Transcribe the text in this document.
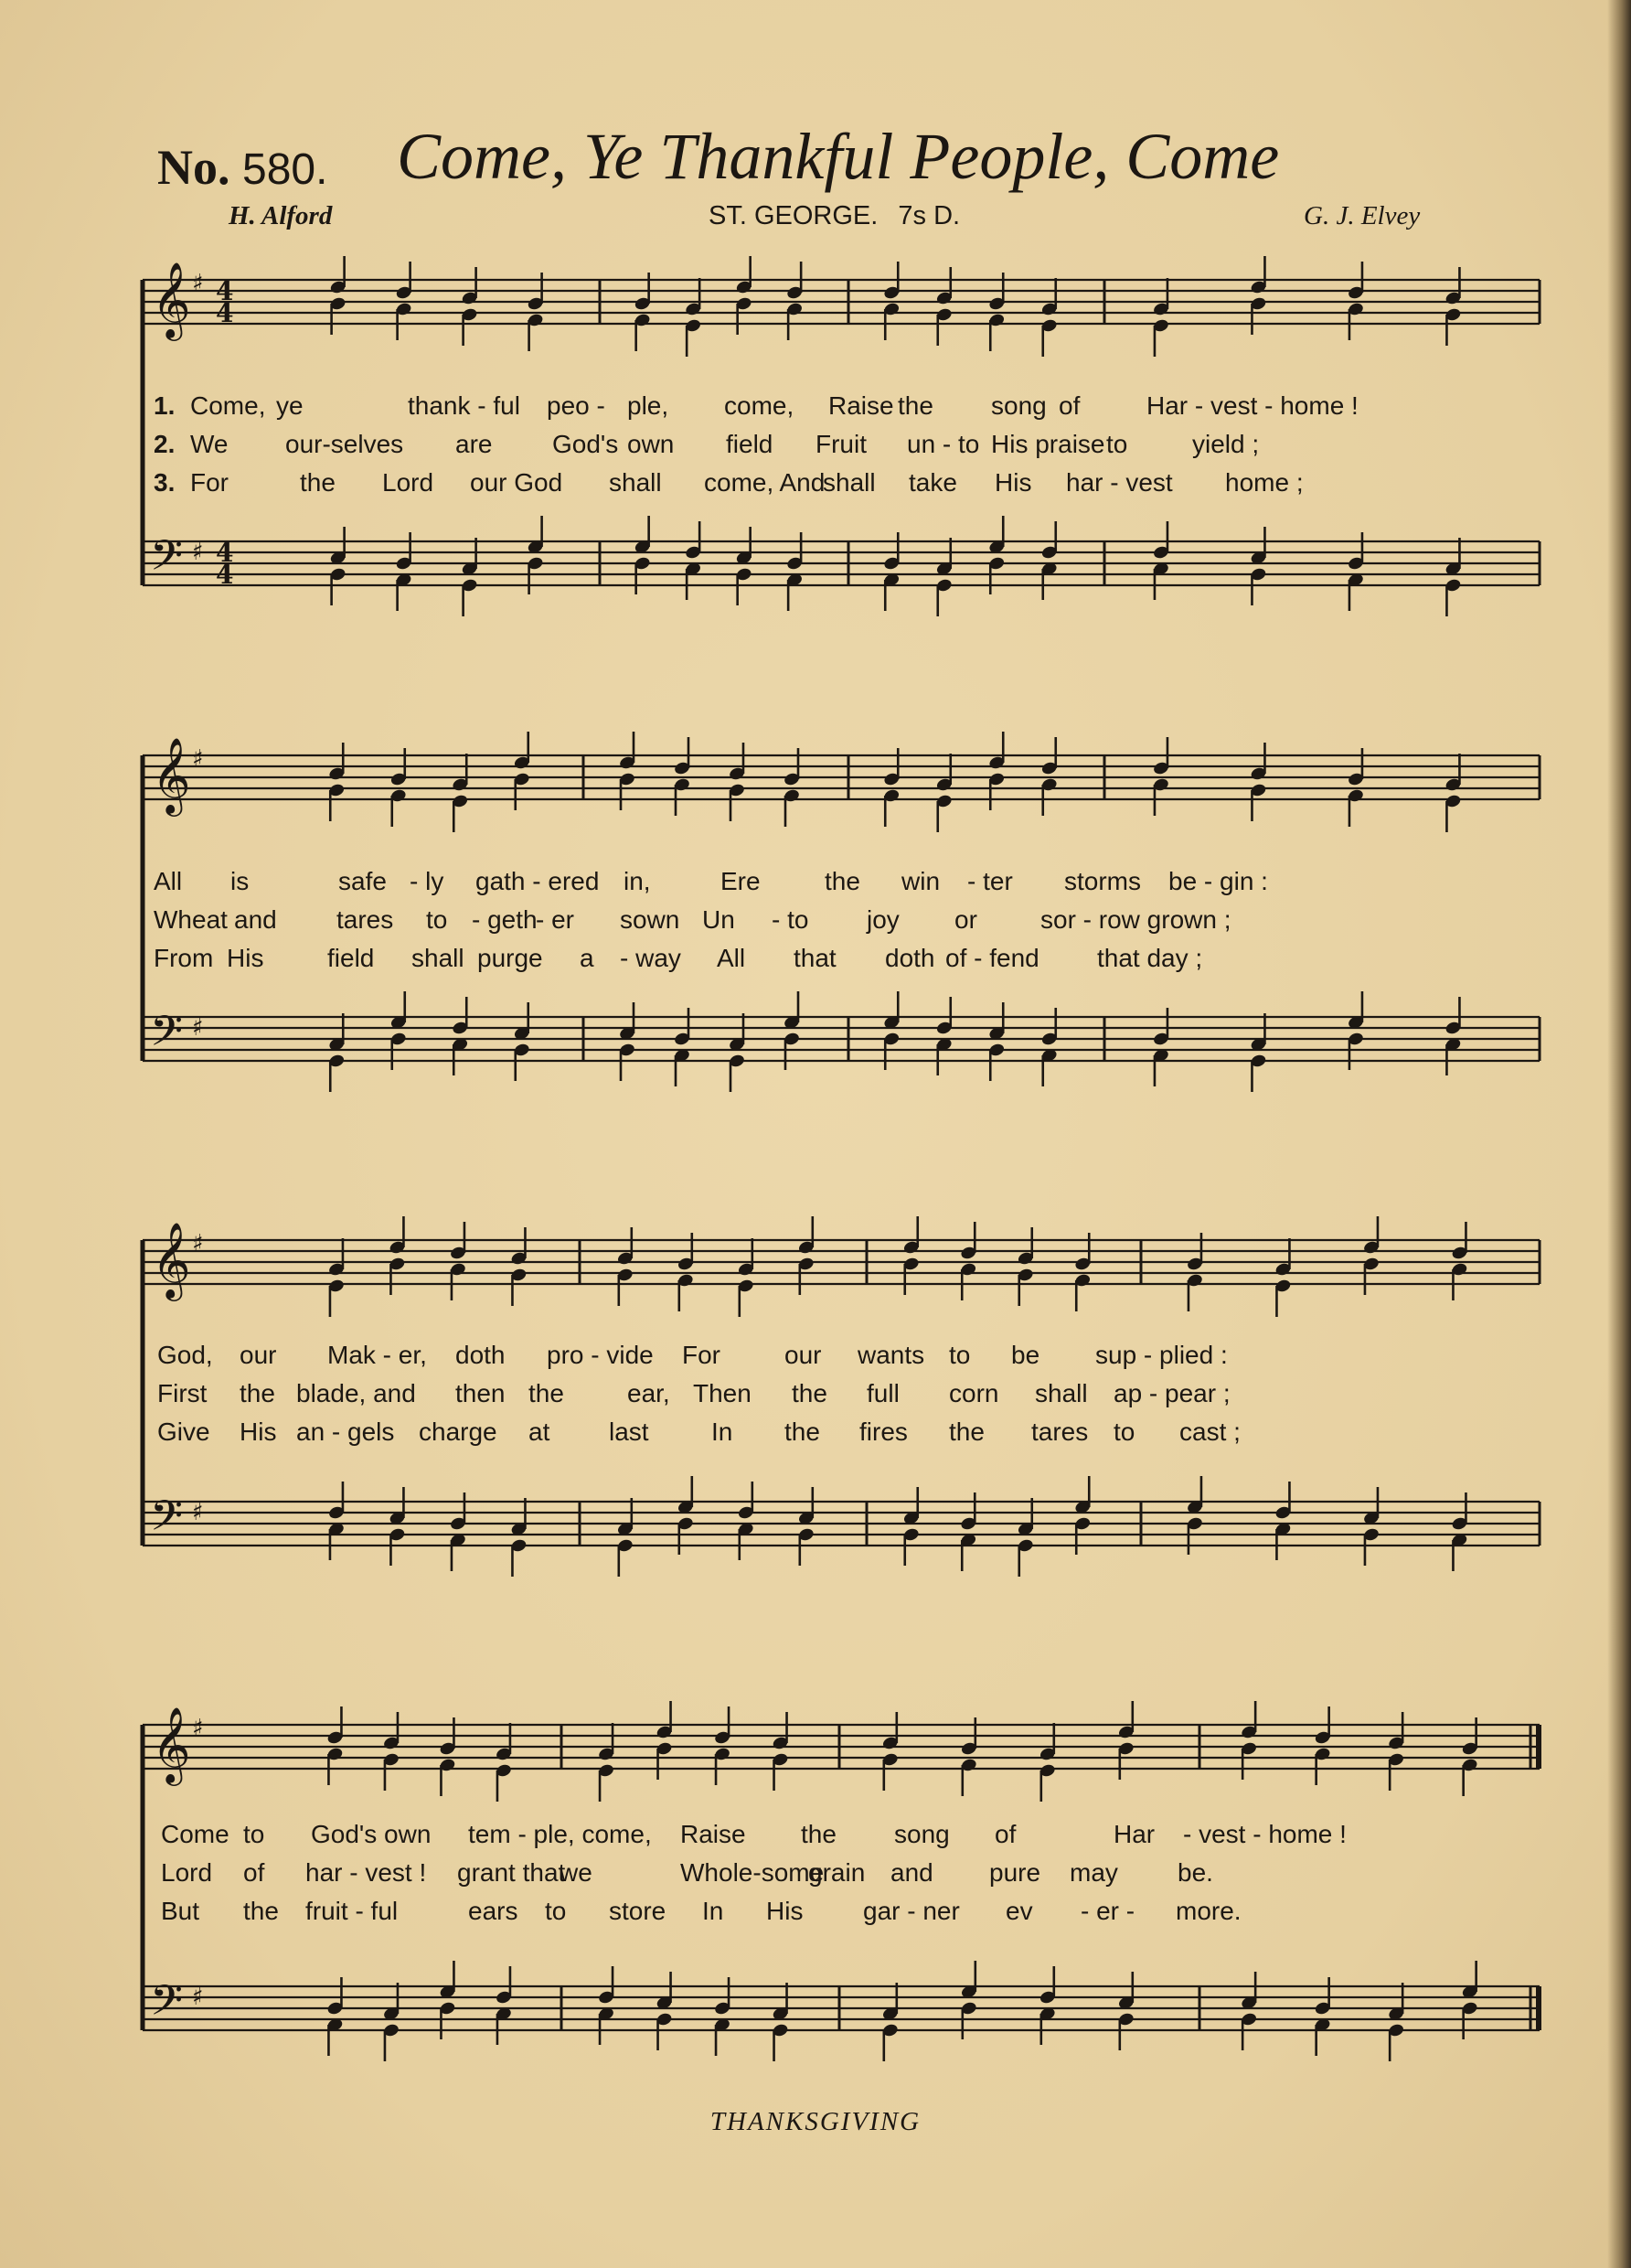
No. 580. Come, Ye Thankful People, Come
H. Alford	ST. GEORGE. 7s D.	G. J. Elvey
𝄞
𝄢
♯
♯
4
4
4
4
1. Come, ye	thank - ful peo - ple, come, Raise the song of	Har - vest - home !
2. We our-selves are God's own field Fruit un - to His praise to	yield ;
3. For	the Lord our God shall come, And
shall take His har - vest home ;
𝄞
𝄢
♯
♯
All is	safe - ly gath - ered in,	Ere	the win - ter storms be - gin :
Wheat and tares to - geth
- er sown Un - to joy or sor - row grown ;
From His field shall purge a - way All that doth of - fend that day ;
𝄞
𝄢
♯
♯
God, our Mak - er, doth pro - vide For	our wants to be sup - plied :
First the blade, and then the ear, Then the full corn shall ap - pear ;
Give His an - gels charge at last In the fires the tares to cast ;
𝄞
𝄢
♯
♯
Come to God's own tem - ple, come, Raise the song of	Har - vest - home !
Lord of har - vest ! grant that
we	Whole-some
grain and pure may be.
But the fruit - ful	ears to store In His gar - ner ev - er - more.
THANKSGIVING
